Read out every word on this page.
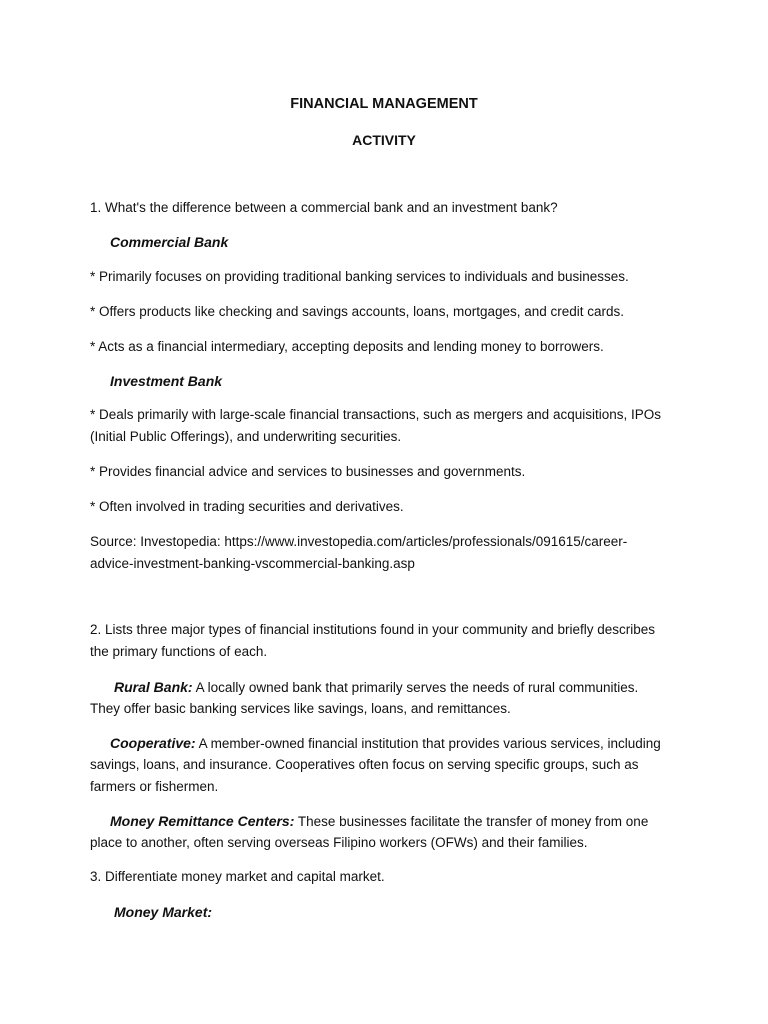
FINANCIAL MANAGEMENT

ACTIVITY

1. What's the difference between a commercial bank and an investment bank?

Commercial Bank

* Primarily focuses on providing traditional banking services to individuals and businesses.

* Offers products like checking and savings accounts, loans, mortgages, and credit cards.

* Acts as a financial intermediary, accepting deposits and lending money to borrowers.

Investment Bank

* Deals primarily with large-scale financial transactions, such as mergers and acquisitions, IPOs

(Initial Public Offerings), and underwriting securities.

* Provides financial advice and services to businesses and governments.

* Often involved in trading securities and derivatives.

Source: Investopedia: https://www.investopedia.com/articles/professionals/091615/career-

advice-investment-banking-vscommercial-banking.asp

2. Lists three major types of financial institutions found in your community and briefly describes

the primary functions of each.

Rural Bank: A locally owned bank that primarily serves the needs of rural communities.

They offer basic banking services like savings, loans, and remittances.

Cooperative: A member-owned financial institution that provides various services, including

savings, loans, and insurance. Cooperatives often focus on serving specific groups, such as

farmers or fishermen.

Money Remittance Centers: These businesses facilitate the transfer of money from one

place to another, often serving overseas Filipino workers (OFWs) and their families.

3. Differentiate money market and capital market.

Money Market:
